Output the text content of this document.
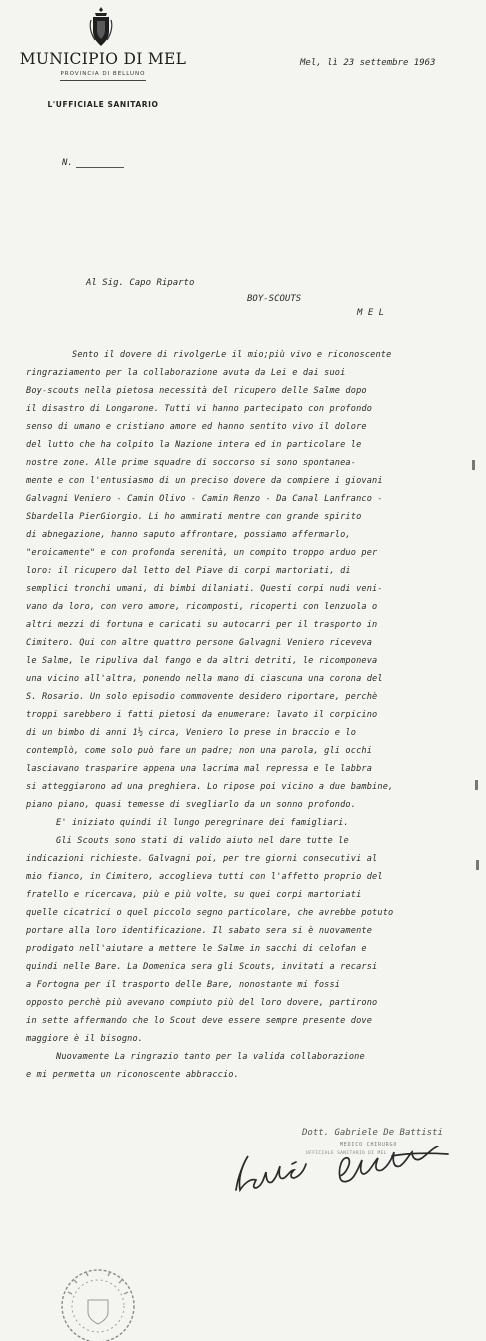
MUNICIPIO DI MEL
PROVINCIA DI BELLUNO
L'UFFICIALE SANITARIO
Mel, lì 23 settembre 1963
N.
Al Sig. Capo Riparto
BOY-SCOUTS
M E L
Sento il dovere di rivolgerLe il mio;più vivo e riconoscente
ringraziamento per la collaborazione avuta da Lei e dai suoi
Boy-scouts nella pietosa necessità del ricupero delle Salme dopo
il disastro di Longarone. Tutti vi hanno partecipato con profondo
senso di umano e cristiano amore ed hanno sentito vivo il dolore
del lutto che ha colpito la Nazione intera ed in particolare le
nostre zone. Alle prime squadre di soccorso si sono spontanea-
mente e con l'entusiasmo di un preciso dovere da compiere i giovani
Galvagni Veniero - Camin Olivo - Camin Renzo - Da Canal Lanfranco -
Sbardella PierGiorgio. Li ho ammirati mentre con grande spirito
di abnegazione, hanno saputo affrontare, possiamo affermarlo,
"eroicamente" e con profonda serenità, un compito troppo arduo per
loro: il ricupero dal letto del Piave di corpi martoriati, di
semplici tronchi umani, di bimbi dilaniati. Questi corpi nudi veni-
vano da loro, con vero amore, ricomposti, ricoperti con lenzuola o
altri mezzi di fortuna e caricati su autocarri per il trasporto in
Cimitero. Qui con altre quattro persone Galvagni Veniero riceveva
le Salme, le ripuliva dal fango e da altri detriti, le ricomponeva
una vicino all'altra, ponendo nella mano di ciascuna una corona del
S. Rosario. Un solo episodio commovente desidero riportare, perchè
troppi sarebbero i fatti pietosi da enumerare: lavato il corpicino
di un bimbo di anni 1½ circa, Veniero lo prese in braccio e lo
contemplò, come solo può fare un padre; non una parola, gli occhi
lasciavano trasparire appena una lacrima mal repressa e le labbra
si atteggiarono ad una preghiera. Lo ripose poi vicino a due bambine,
piano piano, quasi temesse di svegliarlo da un sonno profondo.
E' iniziato quindi il lungo peregrinare dei famigliari.
Gli Scouts sono stati di valido aiuto nel dare tutte le
indicazioni richieste. Galvagni poi, per tre giorni consecutivi al
mio fianco, in Cimitero, accoglieva tutti con l'affetto proprio del
fratello e ricercava, più e più volte, su quei corpi martoriati
quelle cicatrici o quel piccolo segno particolare, che avrebbe potuto
portare alla loro identificazione. Il sabato sera si è nuovamente
prodigato nell'aiutare a mettere le Salme in sacchi di celofan e
quindi nelle Bare. La Domenica sera gli Scouts, invitati a recarsi
a Fortogna per il trasporto delle Bare, nonostante mi fossi
opposto perchè più avevano compiuto più del loro dovere, partirono
in sette affermando che lo Scout deve essere sempre presente dove
maggiore è il bisogno.
Nuovamente La ringrazio tanto per la valida collaborazione
e mi permetta un riconoscente abbraccio.
Dott. Gabriele De Battisti
MEDICO CHIRURGO
UFFICIALE SANITARIO DI MEL
